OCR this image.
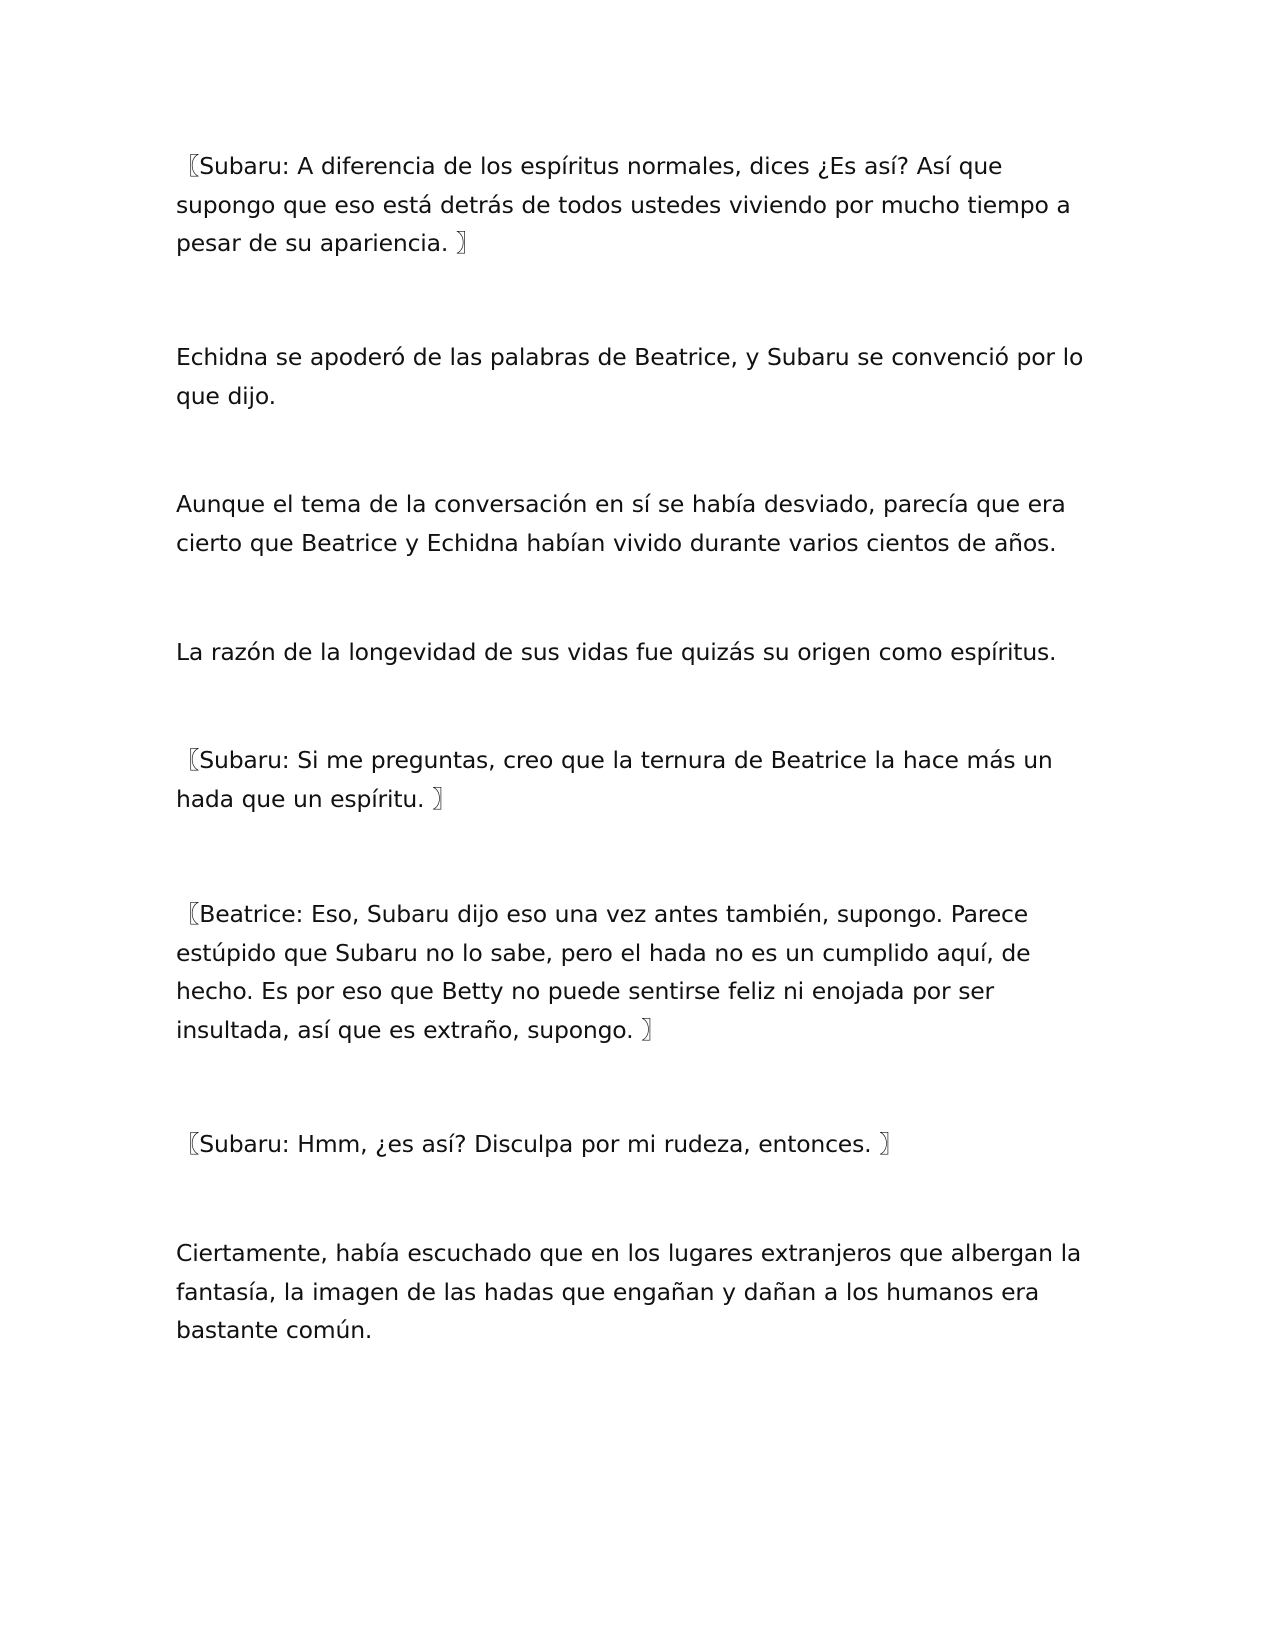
〖Subaru: A diferencia de los espíritus normales, dices ¿Es así? Así que supongo que eso está detrás de todos ustedes viviendo por mucho tiempo a pesar de su apariencia. 〗

Echidna se apoderó de las palabras de Beatrice, y Subaru se convenció por lo que dijo.

Aunque el tema de la conversación en sí se había desviado, parecía que era cierto que Beatrice y Echidna habían vivido durante varios cientos de años.

La razón de la longevidad de sus vidas fue quizás su origen como espíritus.

〖Subaru: Si me preguntas, creo que la ternura de Beatrice la hace más un hada que un espíritu. 〗

〖Beatrice: Eso, Subaru dijo eso una vez antes también, supongo. Parece estúpido que Subaru no lo sabe, pero el hada no es un cumplido aquí, de hecho. Es por eso que Betty no puede sentirse feliz ni enojada por ser insultada, así que es extraño, supongo. 〗

〖Subaru: Hmm, ¿es así? Disculpa por mi rudeza, entonces. 〗

Ciertamente, había escuchado que en los lugares extranjeros que albergan la fantasía, la imagen de las hadas que engañan y dañan a los humanos era bastante común.
